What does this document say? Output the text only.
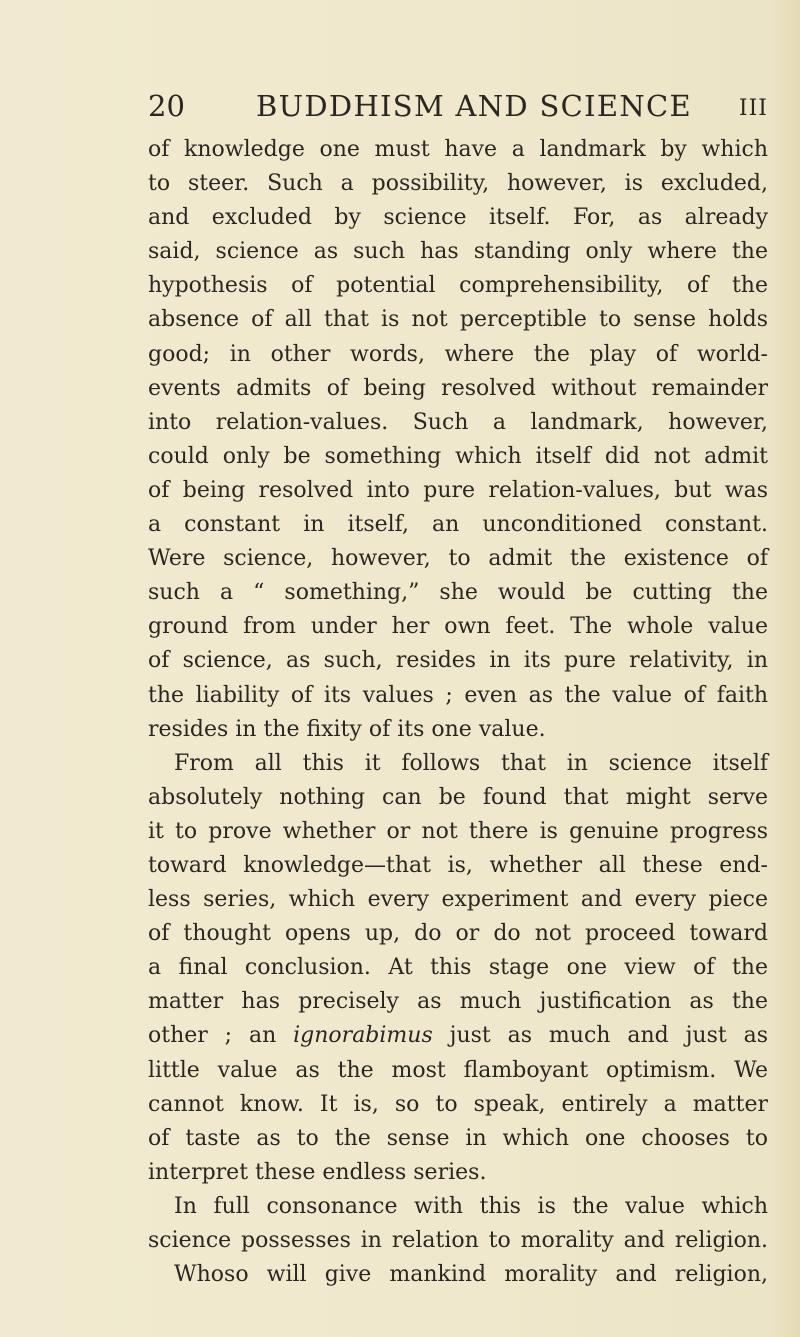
20 BUDDHISM AND SCIENCE III
of knowledge one must have a landmark by which
to steer. Such a possibility, however, is excluded,
and excluded by science itself. For, as already
said, science as such has standing only where the
hypothesis of potential comprehensibility, of the
absence of all that is not perceptible to sense holds
good; in other words, where the play of world-
events admits of being resolved without remainder
into relation-values. Such a landmark, however,
could only be something which itself did not admit
of being resolved into pure relation-values, but was
a constant in itself, an unconditioned constant.
Were science, however, to admit the existence of
such a “ something,” she would be cutting the
ground from under her own feet. The whole value
of science, as such, resides in its pure relativity, in
the liability of its values ; even as the value of faith
resides in the fixity of its one value.
From all this it follows that in science itself
absolutely nothing can be found that might serve
it to prove whether or not there is genuine progress
toward knowledge—that is, whether all these end-
less series, which every experiment and every piece
of thought opens up, do or do not proceed toward
a final conclusion. At this stage one view of the
matter has precisely as much justification as the
other ; an ignorabimus just as much and just as
little value as the most flamboyant optimism. We
cannot know. It is, so to speak, entirely a matter
of taste as to the sense in which one chooses to
interpret these endless series.
In full consonance with this is the value which
science possesses in relation to morality and religion.
Whoso will give mankind morality and religion,
